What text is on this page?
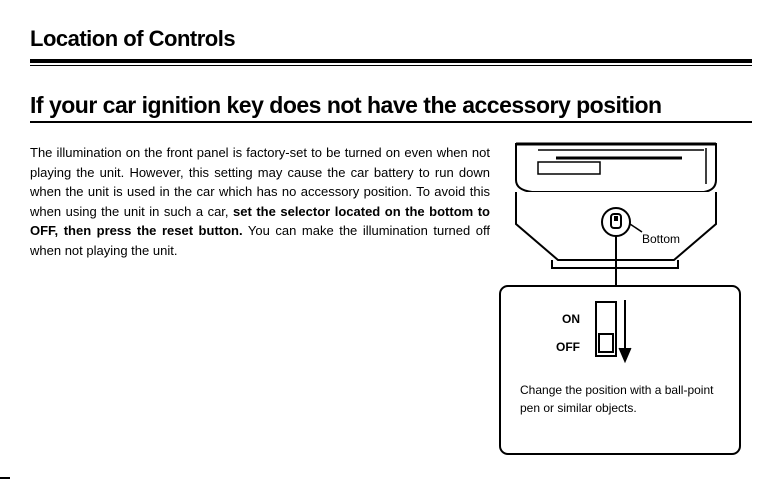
Location of Controls
If your car ignition key does not have the accessory position

The illumination on the front panel is factory-set to be turned on even when not playing the unit. However, this setting may cause the car battery to run down when the unit is used in the car which has no accessory position. To avoid this when using the unit in such a car, set the selector located on the bottom to OFF, then press the reset button. You can make the illumination turned off when not playing the unit.

Bottom
ON
OFF

Change the position with a ball-point pen or similar objects.
